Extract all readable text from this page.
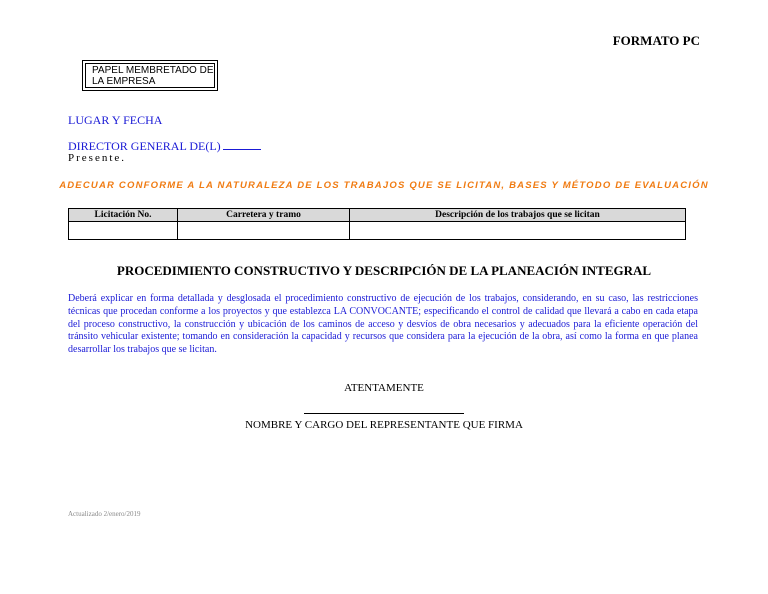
FORMATO PC
PAPEL MEMBRETADO DE
LA EMPRESA
LUGAR Y FECHA
DIRECTOR GENERAL DE(L)
Presente.
ADECUAR CONFORME A LA NATURALEZA DE LOS TRABAJOS QUE SE LICITAN, BASES Y MÉTODO DE EVALUACIÓN
Licitación No.	Carretera y tramo	Descripción de los trabajos que se licitan

PROCEDIMIENTO CONSTRUCTIVO Y DESCRIPCIÓN DE LA PLANEACIÓN INTEGRAL
Deberá explicar en forma detallada y desglosada el procedimiento constructivo de ejecución de los trabajos, considerando, en su caso, las restricciones técnicas que procedan conforme a los proyectos y que establezca LA CONVOCANTE; especificando el control de calidad que llevará a cabo en cada etapa del proceso constructivo, la construcción y ubicación de los caminos de acceso y desvíos de obra necesarios y adecuados para la eficiente operación del tránsito vehicular existente; tomando en consideración la capacidad y recursos que considera para la ejecución de la obra, así como la forma en que planea desarrollar los trabajos que se licitan.
ATENTAMENTE
NOMBRE Y CARGO DEL REPRESENTANTE QUE FIRMA
Actualizado 2/enero/2019
